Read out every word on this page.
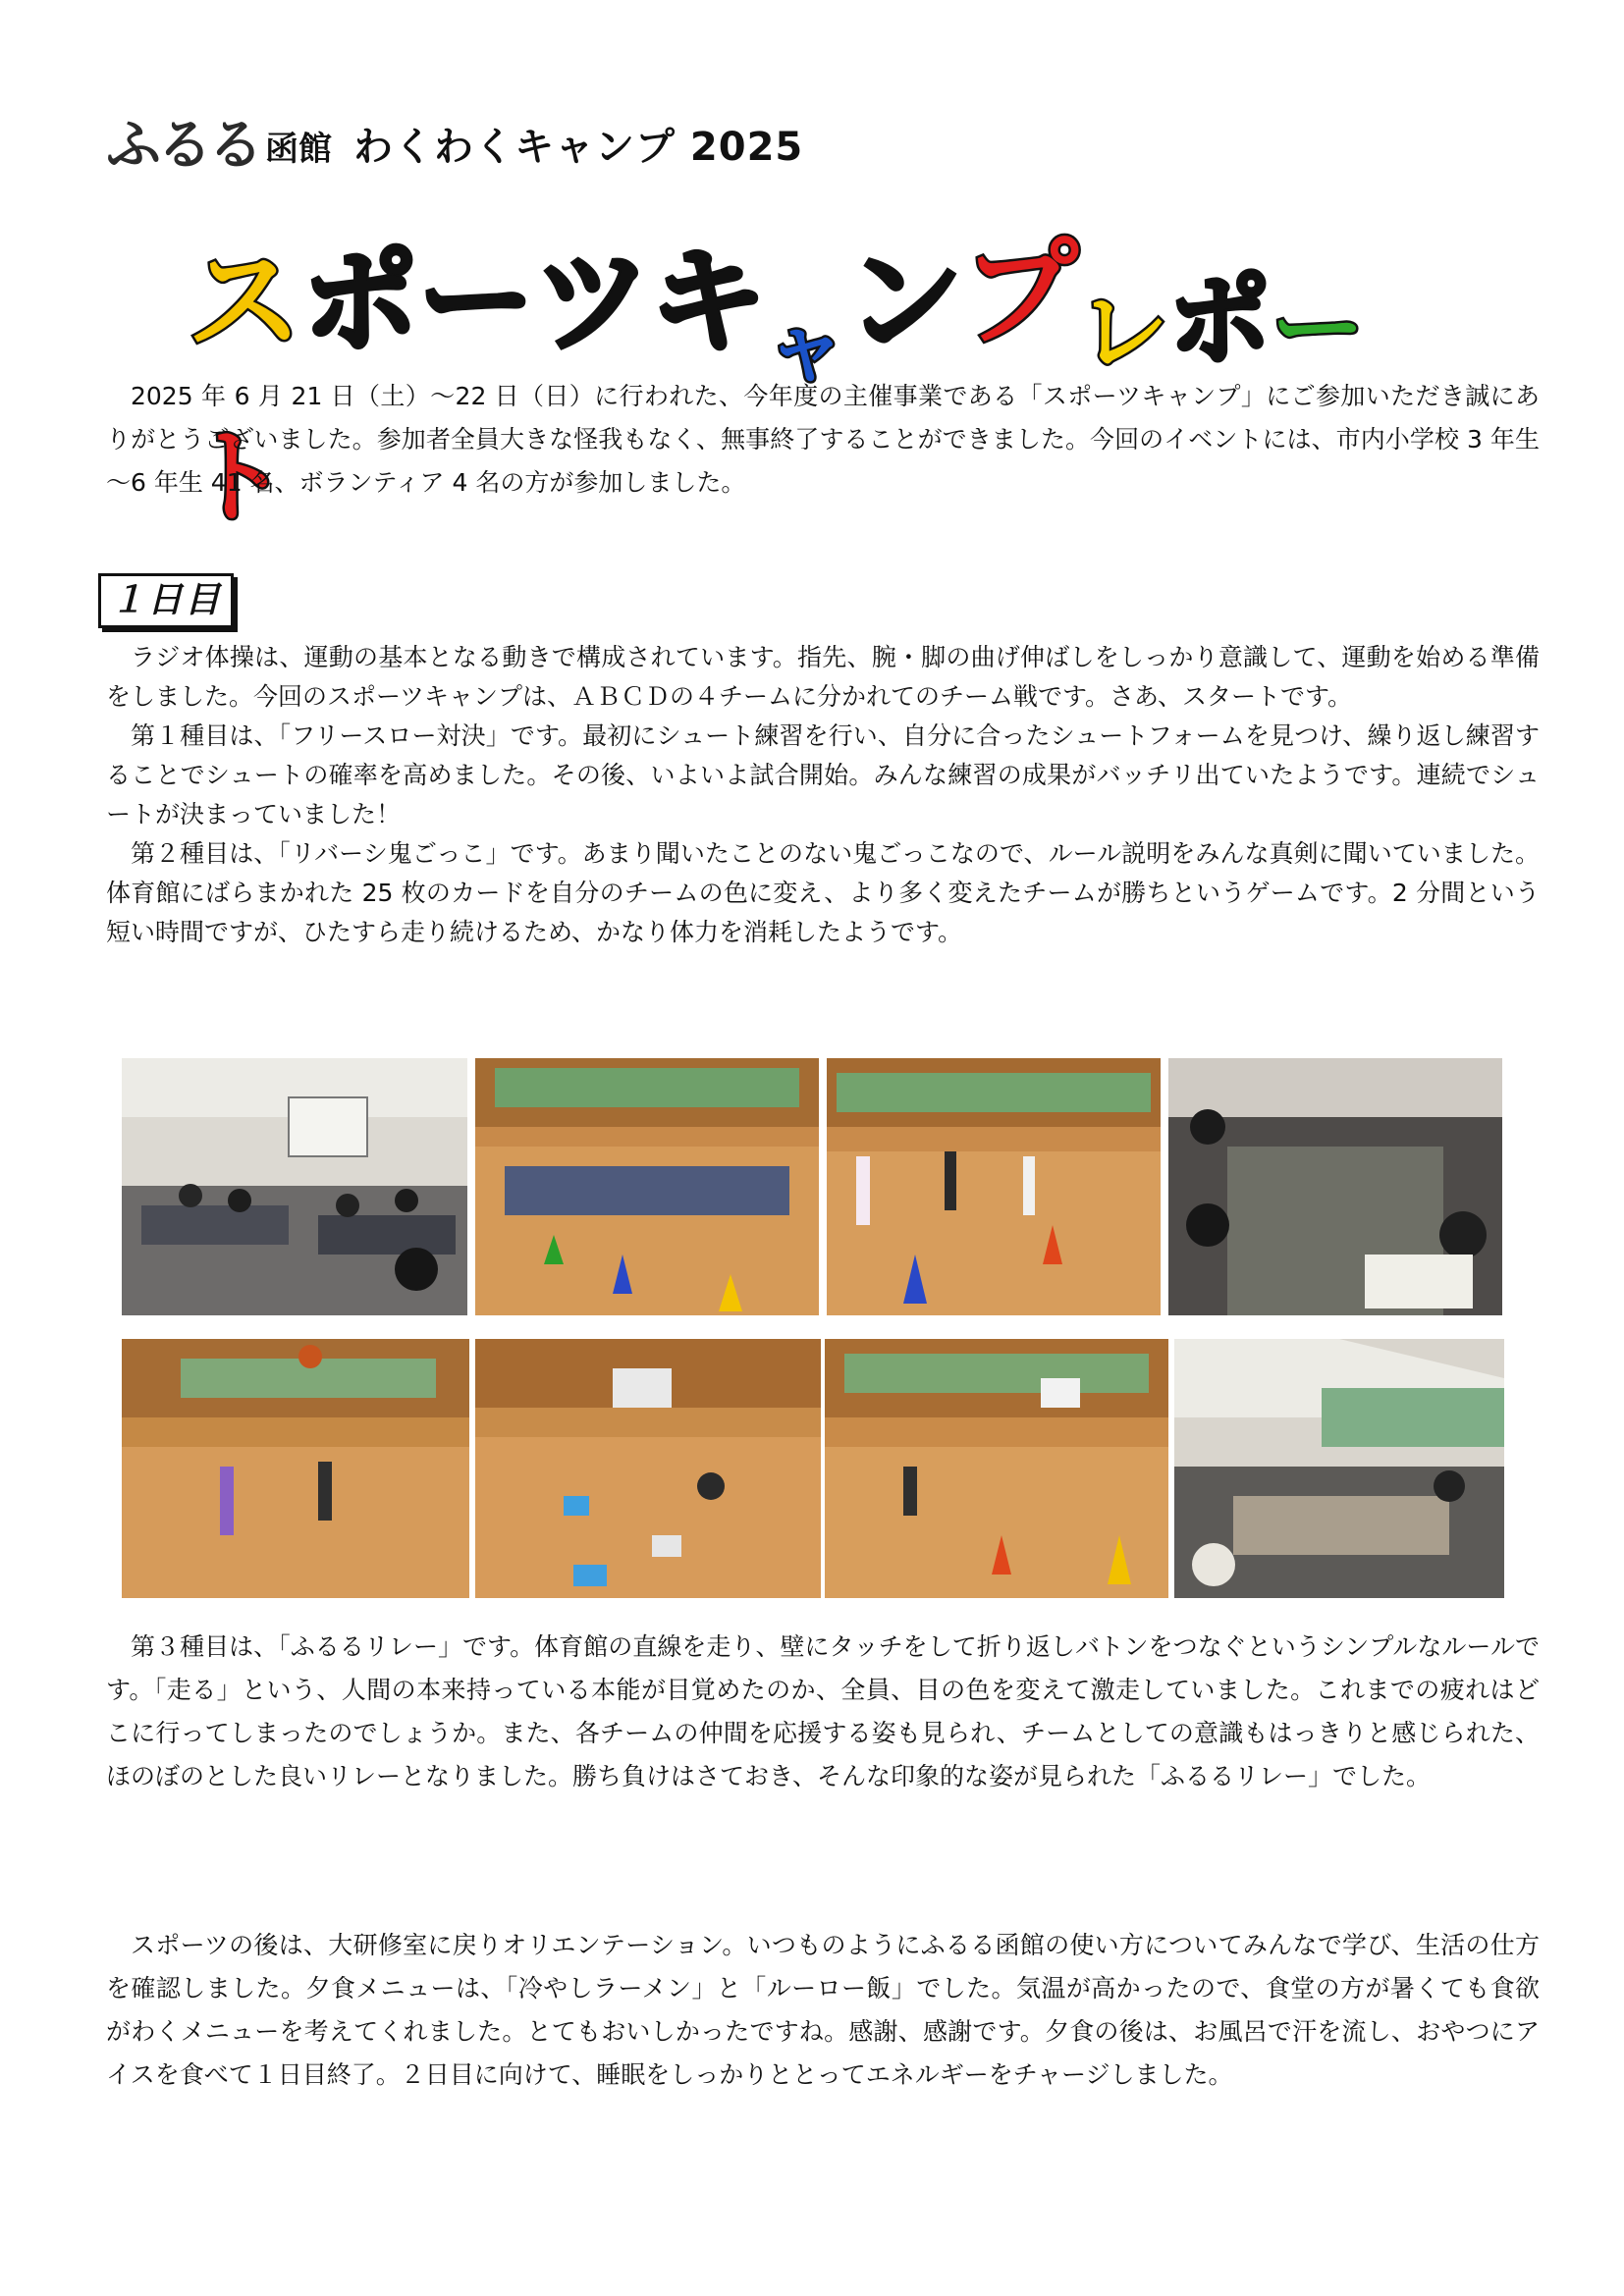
ふるる 函館 わくわくキャンプ 2025
スポーツキャンプレポート

2025 年 6 月 21 日（土）～22 日（日）に行われた、今年度の主催事業である「スポーツキャンプ」にご参加いただき誠にありがとうございました。参加者全員大きな怪我もなく、無事終了することができました。今回のイベントには、市内小学校 3 年生～6 年生 41 名、ボランティア 4 名の方が参加しました。

１日目

ラジオ体操は、運動の基本となる動きで構成されています。指先、腕・脚の曲げ伸ばしをしっかり意識して、運動を始める準備をしました。今回のスポーツキャンプは、ＡＢＣＤの４チームに分かれてのチーム戦です。さあ、スタートです。

第１種目は、「フリースロー対決」です。最初にシュート練習を行い、自分に合ったシュートフォームを見つけ、繰り返し練習することでシュートの確率を高めました。その後、いよいよ試合開始。みんな練習の成果がバッチリ出ていたようです。連続でシュートが決まっていました！

第２種目は、「リバーシ鬼ごっこ」です。あまり聞いたことのない鬼ごっこなので、ルール説明をみんな真剣に聞いていました。体育館にばらまかれた 25 枚のカードを自分のチームの色に変え、より多く変えたチームが勝ちというゲームです。2 分間という短い時間ですが、ひたすら走り続けるため、かなり体力を消耗したようです。

第３種目は、「ふるるリレー」です。体育館の直線を走り、壁にタッチをして折り返しバトンをつなぐというシンプルなルールです。「走る」という、人間の本来持っている本能が目覚めたのか、全員、目の色を変えて激走していました。これまでの疲れはどこに行ってしまったのでしょうか。また、各チームの仲間を応援する姿も見られ、チームとしての意識もはっきりと感じられた、ほのぼのとした良いリレーとなりました。勝ち負けはさておき、そんな印象的な姿が見られた「ふるるリレー」でした。

スポーツの後は、大研修室に戻りオリエンテーション。いつものようにふるる函館の使い方についてみんなで学び、生活の仕方を確認しました。夕食メニューは、「冷やしラーメン」と「ルーロー飯」でした。気温が高かったので、食堂の方が暑くても食欲がわくメニューを考えてくれました。とてもおいしかったですね。感謝、感謝です。夕食の後は、お風呂で汗を流し、おやつにアイスを食べて１日目終了。２日目に向けて、睡眠をしっかりととってエネルギーをチャージしました。
